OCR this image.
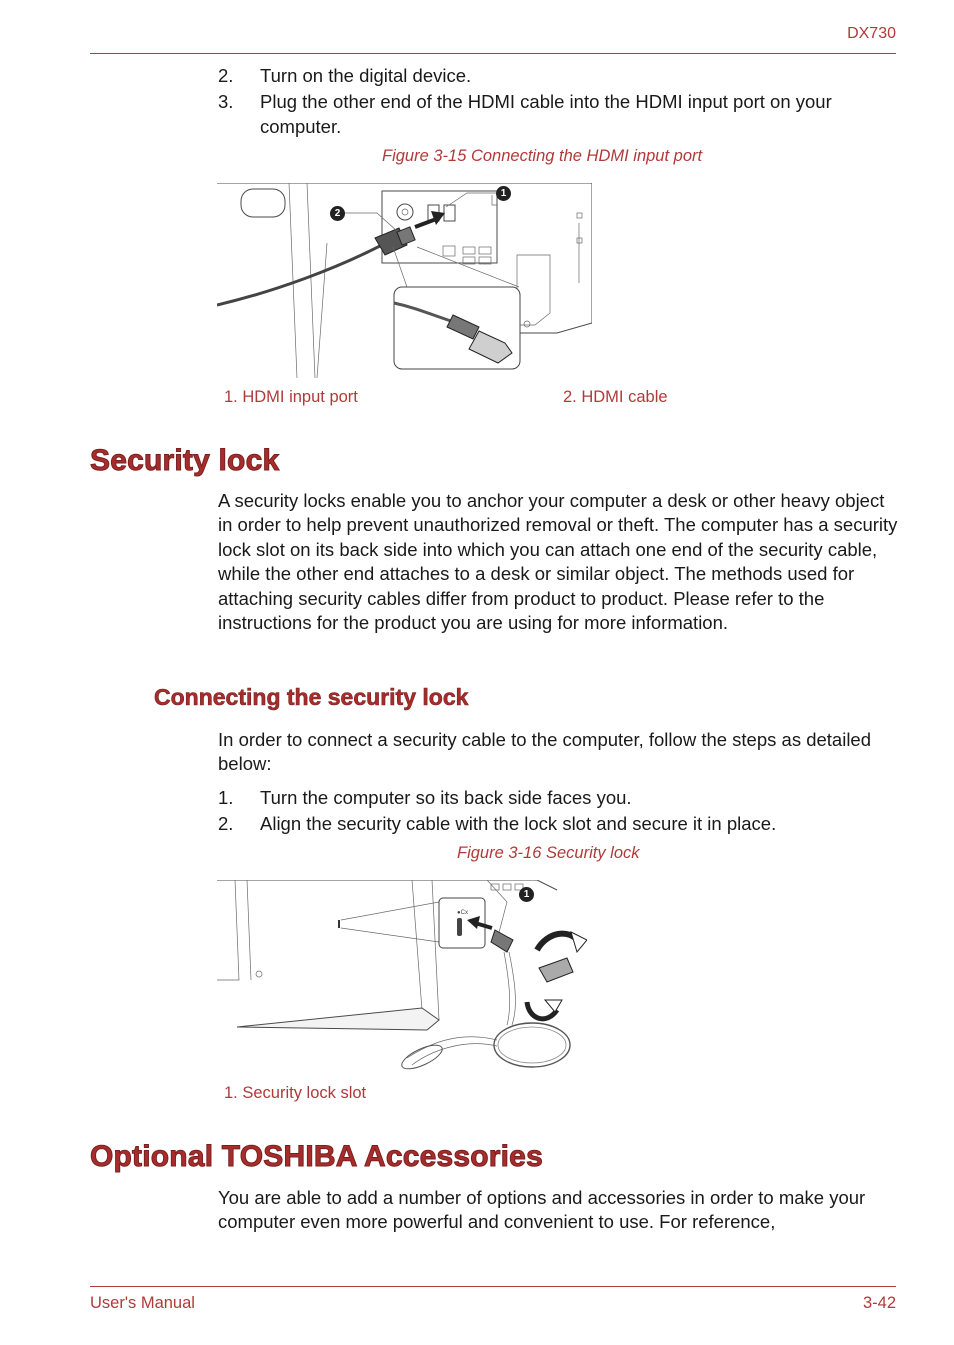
DX730
2.	Turn on the digital device.
3.	Plug the other end of the HDMI cable into the HDMI input port on your computer.
Figure 3-15 Connecting the HDMI input port
2
1
1. HDMI input port	2. HDMI cable
Security lock
A security locks enable you to anchor your computer a desk or other heavy object in order to help prevent unauthorized removal or theft. The computer has a security lock slot on its back side into which you can attach one end of the security cable, while the other end attaches to a desk or similar object. The methods used for attaching security cables differ from product to product. Please refer to the instructions for the product you are using for more information.
Connecting the security lock
In order to connect a security cable to the computer, follow the steps as detailed below:
1.	Turn the computer so its back side faces you.
2.	Align the security cable with the lock slot and secure it in place.
Figure 3-16 Security lock
●Cx
1
1. Security lock slot
Optional TOSHIBA Accessories
You are able to add a number of options and accessories in order to make your computer even more powerful and convenient to use. For reference,
User's Manual	3-42
